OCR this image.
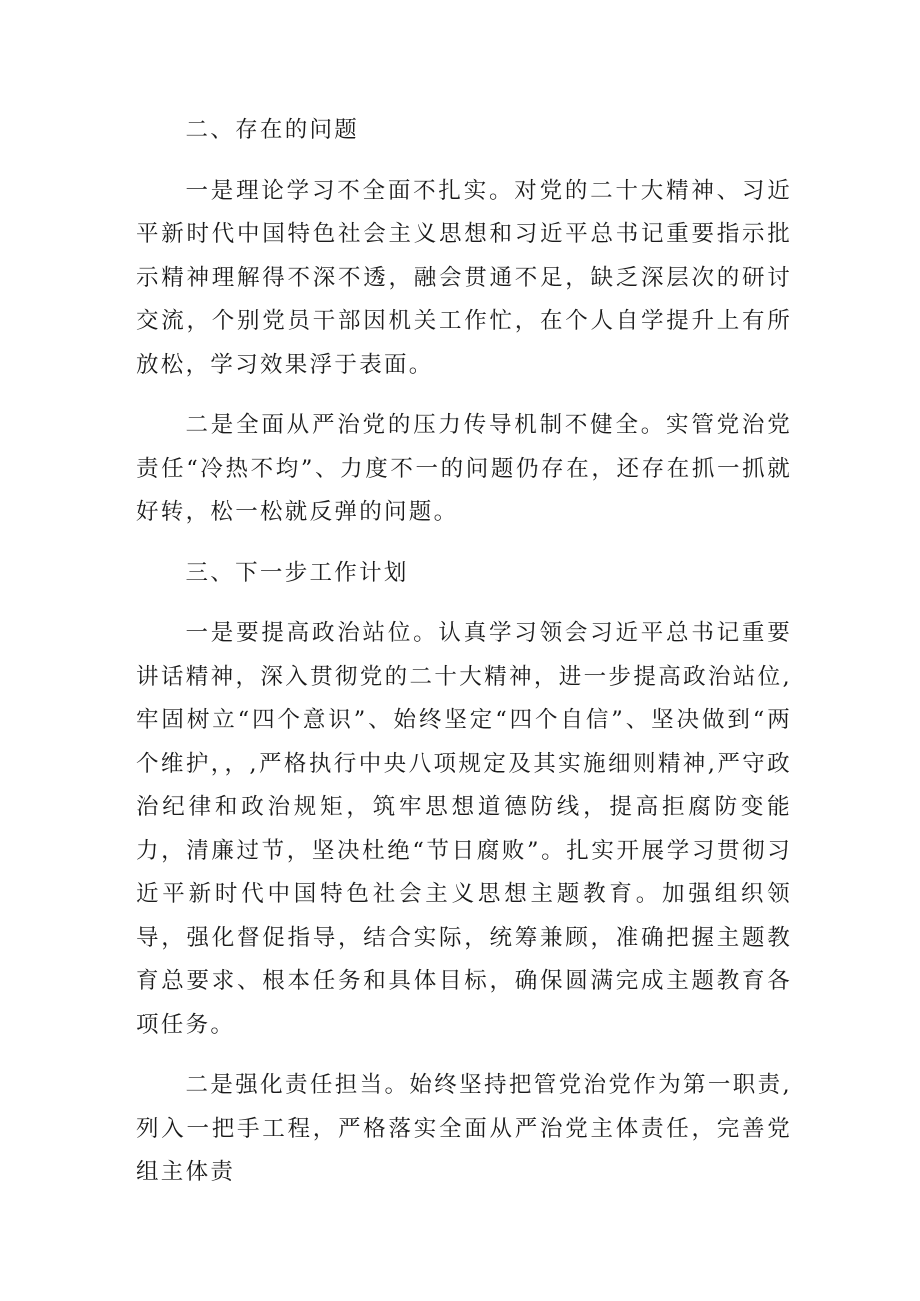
二、存在的问题

一是理论学习不全面不扎实。对党的二十大精神、习近平新时代中国特色社会主义思想和习近平总书记重要指示批示精神理解得不深不透，融会贯通不足，缺乏深层次的研讨交流，个别党员干部因机关工作忙，在个人自学提升上有所放松，学习效果浮于表面。

二是全面从严治党的压力传导机制不健全。实管党治党责任“冷热不均”、力度不一的问题仍存在，还存在抓一抓就好转，松一松就反弹的问题。

三、下一步工作计划

一是要提高政治站位。认真学习领会习近平总书记重要讲话精神，深入贯彻党的二十大精神，进一步提高政治站位,牢固树立“四个意识”、始终坚定“四个自信”、坚决做到“两个维护，，,严格执行中央八项规定及其实施细则精神,严守政治纪律和政治规矩，筑牢思想道德防线，提高拒腐防变能力，清廉过节，坚决杜绝“节日腐败”。扎实开展学习贯彻习近平新时代中国特色社会主义思想主题教育。加强组织领导，强化督促指导，结合实际，统筹兼顾，准确把握主题教育总要求、根本任务和具体目标，确保圆满完成主题教育各项任务。

二是强化责任担当。始终坚持把管党治党作为第一职责,列入一把手工程，严格落实全面从严治党主体责任，完善党组主体责
